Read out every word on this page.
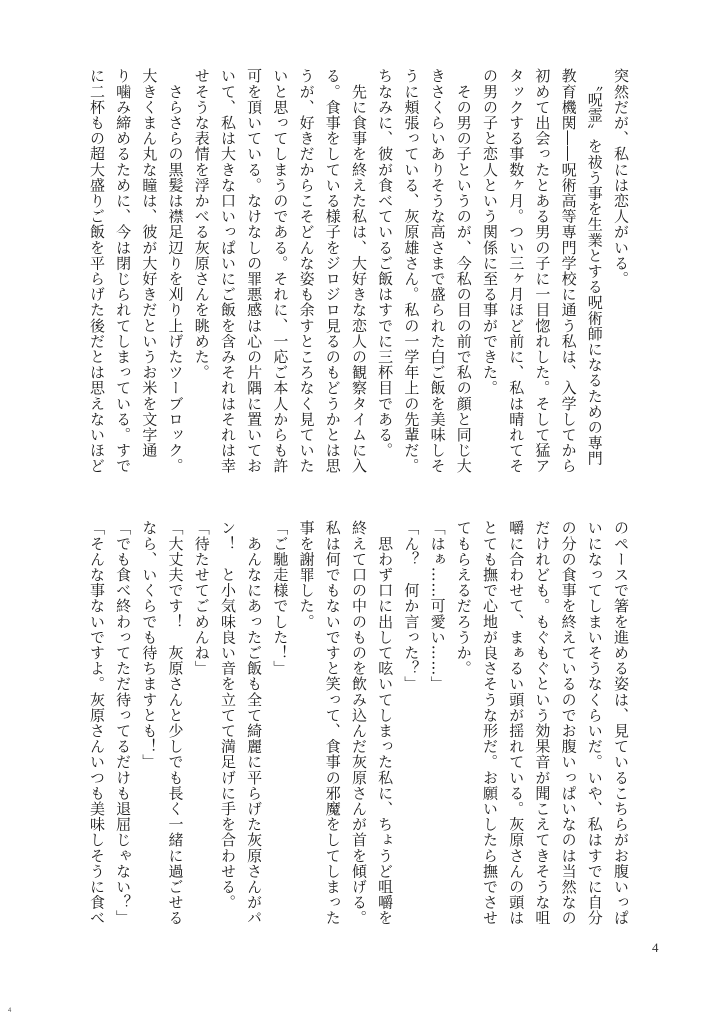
突然だが、私には恋人がいる。
　〝呪霊〟を祓う事を生業とする呪術師になるための専門
教育機関――呪術高等専門学校に通う私は、入学してから
初めて出会ったとある男の子に一目惚れした。そして猛ア
タックする事数ヶ月。つい三ヶ月ほど前に、私は晴れてそ
の男の子と恋人という関係に至る事ができた。
　その男の子というのが、今私の目の前で私の顔と同じ大
きさくらいありそうな高さまで盛られた白ご飯を美味しそ
うに頬張っている、灰原雄さん。私の一学年上の先輩だ。
ちなみに、彼が食べているご飯はすでに三杯目である。
　先に食事を終えた私は、大好きな恋人の観察タイムに入
る。食事をしている様子をジロジロ見るのもどうかとは思
うが、好きだからこそどんな姿も余すところなく見ていた
いと思ってしまうのである。それに、一応ご本人からも許
可を頂いている。なけなしの罪悪感は心の片隅に置いてお
いて、私は大きな口いっぱいにご飯を含みそれはそれは幸
せそうな表情を浮かべる灰原さんを眺めた。
　さらさらの黒髪は襟足辺りを刈り上げたツーブロック。
大きくまん丸な瞳は、彼が大好きだというお米を文字通
り噛み締めるために、今は閉じられてしまっている。すで
に二杯もの超大盛りご飯を平らげた後だとは思えないほど
のペースで箸を進める姿は、見ているこちらがお腹いっぱ
いになってしまいそうなくらいだ。いや、私はすでに自分
の分の食事を終えているのでお腹いっぱいなのは当然なの
だけれども。もぐもぐという効果音が聞こえてきそうな咀
嚼に合わせて、まぁるい頭が揺れている。灰原さんの頭は
とても撫で心地が良さそうな形だ。お願いしたら撫でさせ
てもらえるだろうか。
「はぁ……可愛い……」
「ん？　何か言った？」
　思わず口に出して呟いてしまった私に、ちょうど咀嚼を
終えて口の中のものを飲み込んだ灰原さんが首を傾げる。
私は何でもないですと笑って、食事の邪魔をしてしまった
事を謝罪した。
「ご馳走様でした！」
　あんなにあったご飯も全て綺麗に平らげた灰原さんがパ
ン！　と小気味良い音を立てて満足げに手を合わせる。
「待たせてごめんね」
「大丈夫です！　灰原さんと少しでも長く一緒に過ごせる
なら、いくらでも待ちますとも！」
「でも食べ終わってただ待ってるだけも退屈じゃない？」
「そんな事ないですよ。灰原さんいつも美味しそうに食べ
4
4
